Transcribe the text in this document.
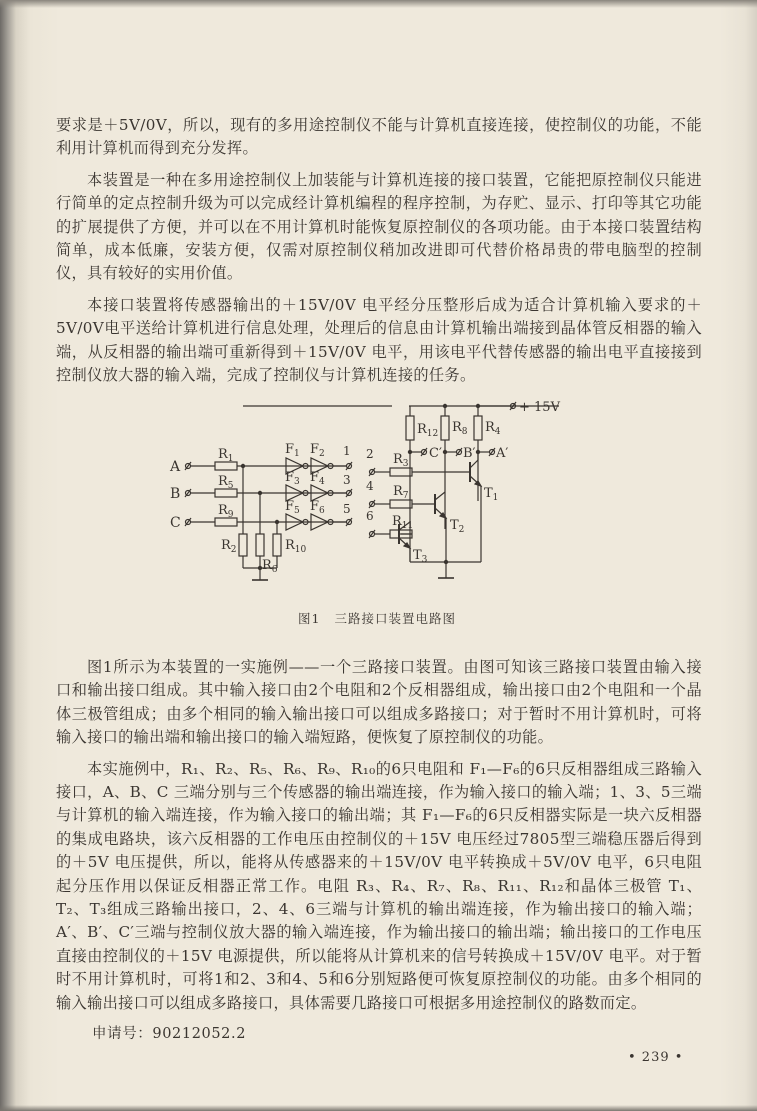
要求是＋5V/0V，所以，现有的多用途控制仪不能与计算机直接连接，使控制仪的功能，不能利用计算机而得到充分发挥。

本装置是一种在多用途控制仪上加装能与计算机连接的接口装置，它能把原控制仪只能进行简单的定点控制升级为可以完成经计算机编程的程序控制，为存贮、显示、打印等其它功能的扩展提供了方便，并可以在不用计算机时能恢复原控制仪的各项功能。由于本接口装置结构简单，成本低廉，安装方便，仅需对原控制仪稍加改进即可代替价格昂贵的带电脑型的控制仪，具有较好的实用价值。

本接口装置将传感器输出的＋15V/0V 电平经分压整形后成为适合计算机输入要求的＋5V/0V电平送给计算机进行信息处理，处理后的信息由计算机输出端接到晶体管反相器的输入端，从反相器的输出端可重新得到＋15V/0V 电平，用该电平代替传感器的输出电平直接接到控制仪放大器的输入端，完成了控制仪与计算机连接的任务。

A
B
C
$R_1$
$R_5$
$R_9$
$R_2$
$R_6$
$R_{10}$
$F_1$ $F_2$
$F_3$ $F_4$
$F_5$ $F_6$
1
3
5
+ 15V
$R_{12}$ $R_8$ $R_4$
C′ B′ A′
2 $R_3$
4 $R_7$
6 $R_{11}$
$T_1$
$T_2$
$T_3$
图1 三路接口装置电路图

图1所示为本装置的一实施例——一个三路接口装置。由图可知该三路接口装置由输入接口和输出接口组成。其中输入接口由2个电阻和2个反相器组成，输出接口由2个电阻和一个晶体三极管组成；由多个相同的输入输出接口可以组成多路接口；对于暂时不用计算机时，可将输入接口的输出端和输出接口的输入端短路，便恢复了原控制仪的功能。

本实施例中，R₁、R₂、R₅、R₆、R₉、R₁₀的6只电阻和 F₁—F₆的6只反相器组成三路输入接口，A、B、C 三端分别与三个传感器的输出端连接，作为输入接口的输入端；1、3、5三端与计算机的输入端连接，作为输入接口的输出端；其 F₁—F₆的6只反相器实际是一块六反相器的集成电路块，该六反相器的工作电压由控制仪的＋15V 电压经过7805型三端稳压器后得到的＋5V 电压提供，所以，能将从传感器来的＋15V/0V 电平转换成＋5V/0V 电平，6只电阻起分压作用以保证反相器正常工作。电阻 R₃、R₄、R₇、R₈、R₁₁、R₁₂和晶体三极管 T₁、T₂、T₃组成三路输出接口，2、4、6三端与计算机的输出端连接，作为输出接口的输入端；A′、B′、C′三端与控制仪放大器的输入端连接，作为输出接口的输出端；输出接口的工作电压直接由控制仪的＋15V 电源提供，所以能将从计算机来的信号转换成＋15V/0V 电平。对于暂时不用计算机时，可将1和2、3和4、5和6分别短路便可恢复原控制仪的功能。由多个相同的输入输出接口可以组成多路接口，具体需要几路接口可根据多用途控制仪的路数而定。

申请号：90212052.2
• 239 •
